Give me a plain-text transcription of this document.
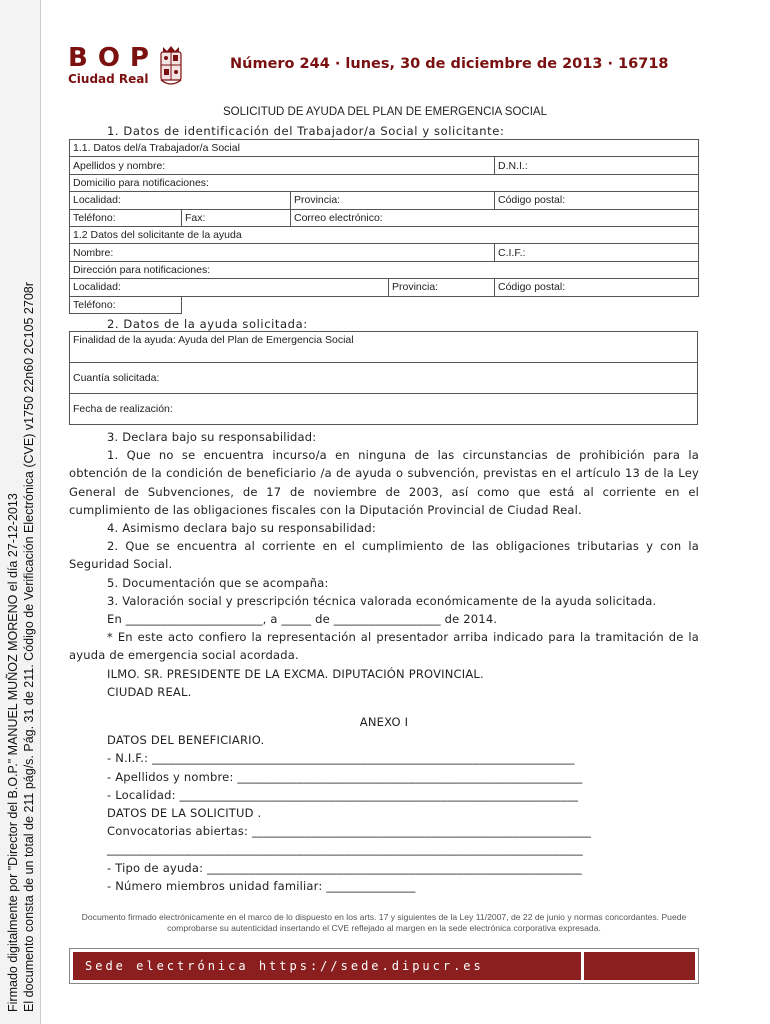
Firmado digitalmente por "Director del B.O.P." MANUEL MUÑOZ MORENO el día 27-12-2013 El documento consta de un total de 211 pág/s. Pág. 31 de 211. Código de Verificación Electrónica (CVE) v1750 22n60 2C105 2708r
BOP
Ciudad Real
Número 244 · lunes, 30 de diciembre de 2013 · 16718
SOLICITUD DE AYUDA DEL PLAN DE EMERGENCIA SOCIAL
1. Datos de identificación del Trabajador/a Social y solicitante:
1.1. Datos del/a Trabajador/a Social				
Apellidos y nombre:				D.N.I.:
Domicilio para notificaciones:				
Localidad:		Provincia:		Código postal:
Teléfono:	Fax:	Correo electrónico:		
1.2 Datos del solicitante de la ayuda				
Nombre:				C.I.F.:
Dirección para notificaciones:				
Localidad:			Provincia:	Código postal:
Teléfono:				
2. Datos de la ayuda solicitada:
Finalidad de la ayuda: Ayuda del Plan de Emergencia Social
Cuantía solicitada:
Fecha de realización:

3. Declara bajo su responsabilidad:

1. Que no se encuentra incurso/a en ninguna de las circunstancias de prohibición para la obtención de la condición de beneficiario /a de ayuda o subvención, previstas en el artículo 13 de la Ley General de Subvenciones, de 17 de noviembre de 2003, así como que está al corriente en el cumplimiento de las obligaciones fiscales con la Diputación Provincial de Ciudad Real.

4. Asimismo declara bajo su responsabilidad:

2. Que se encuentra al corriente en el cumplimiento de las obligaciones tributarias y con la Seguridad Social.

5. Documentación que se acompaña:

3. Valoración social y prescripción técnica valorada económicamente de la ayuda solicitada.

En _______________________, a _____ de __________________ de 2014.

* En este acto confiero la representación al presentador arriba indicado para la tramitación de la ayuda de emergencia social acordada.

ILMO. SR. PRESIDENTE DE LA EXCMA. DIPUTACIÓN PROVINCIAL.

CIUDAD REAL.

ANEXO I

DATOS DEL BENEFICIARIO.

- N.I.F.: _______________________________________________________________________

- Apellidos y nombre: __________________________________________________________

- Localidad: ___________________________________________________________________

DATOS DE LA SOLICITUD .

Convocatorias abiertas: _________________________________________________________

________________________________________________________________________________

- Tipo de ayuda: _______________________________________________________________

- Número miembros unidad familiar: _______________

Documento firmado electrónicamente en el marco de lo dispuesto en los arts. 17 y siguientes de la Ley 11/2007, de 22 de junio y normas concordantes. Puede comprobarse su autenticidad insertando el CVE reflejado al margen en la sede electrónica corporativa expresada.
Sede electrónica https://sede.dipucr.es
